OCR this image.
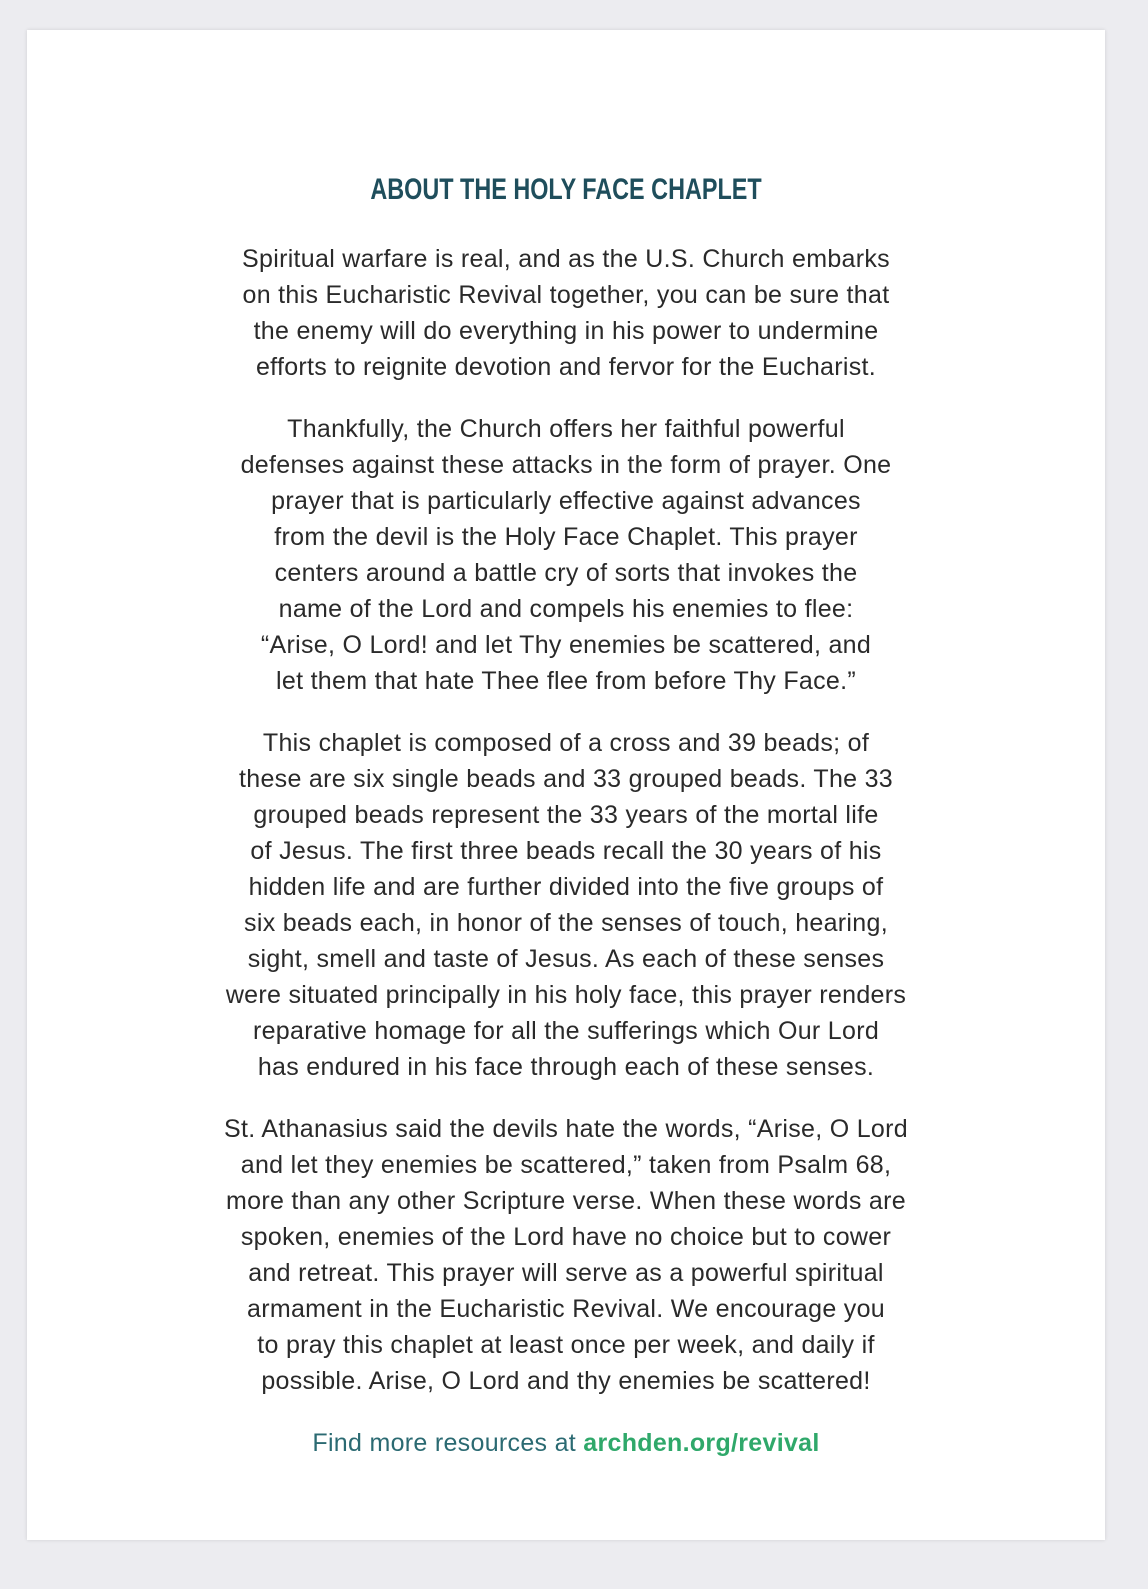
ABOUT THE HOLY FACE CHAPLET

Spiritual warfare is real, and as the U.S. Church embarks
on this Eucharistic Revival together, you can be sure that
the enemy will do everything in his power to undermine
efforts to reignite devotion and fervor for the Eucharist.

Thankfully, the Church offers her faithful powerful
defenses against these attacks in the form of prayer. One
prayer that is particularly effective against advances
from the devil is the Holy Face Chaplet. This prayer
centers around a battle cry of sorts that invokes the
name of the Lord and compels his enemies to flee:
“Arise, O Lord! and let Thy enemies be scattered, and
let them that hate Thee flee from before Thy Face.”

This chaplet is composed of a cross and 39 beads; of
these are six single beads and 33 grouped beads. The 33
grouped beads represent the 33 years of the mortal life
of Jesus. The first three beads recall the 30 years of his
hidden life and are further divided into the five groups of
six beads each, in honor of the senses of touch, hearing,
sight, smell and taste of Jesus. As each of these senses
were situated principally in his holy face, this prayer renders
reparative homage for all the sufferings which Our Lord
has endured in his face through each of these senses.

St. Athanasius said the devils hate the words, “Arise, O Lord
and let they enemies be scattered,” taken from Psalm 68,
more than any other Scripture verse. When these words are
spoken, enemies of the Lord have no choice but to cower
and retreat. This prayer will serve as a powerful spiritual
armament in the Eucharistic Revival. We encourage you
to pray this chaplet at least once per week, and daily if
possible. Arise, O Lord and thy enemies be scattered!

Find more resources at archden.org/revival
